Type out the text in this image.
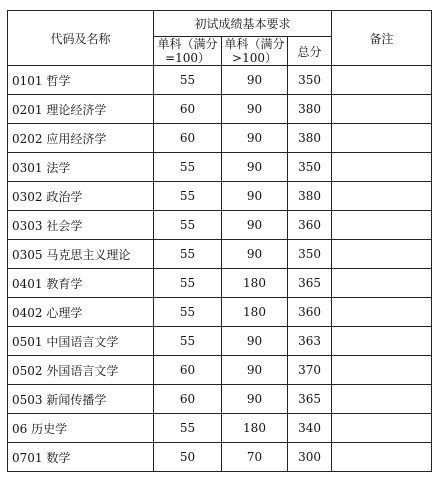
代码及名称	初试成绩基本要求			备注
	单科（满分=100）	单科（满分>100）	总分	
0101 哲学	55	90	350	
0201 理论经济学	60	90	380	
0202 应用经济学	60	90	380	
0301 法学	55	90	350	
0302 政治学	55	90	380	
0303 社会学	55	90	360	
0305 马克思主义理论	55	90	350	
0401 教育学	55	180	365	
0402 心理学	55	180	360	
0501 中国语言文学	55	90	363	
0502 外国语言文学	60	90	370	
0503 新闻传播学	60	90	365	
06 历史学	55	180	340	
0701 数学	50	70	300	
